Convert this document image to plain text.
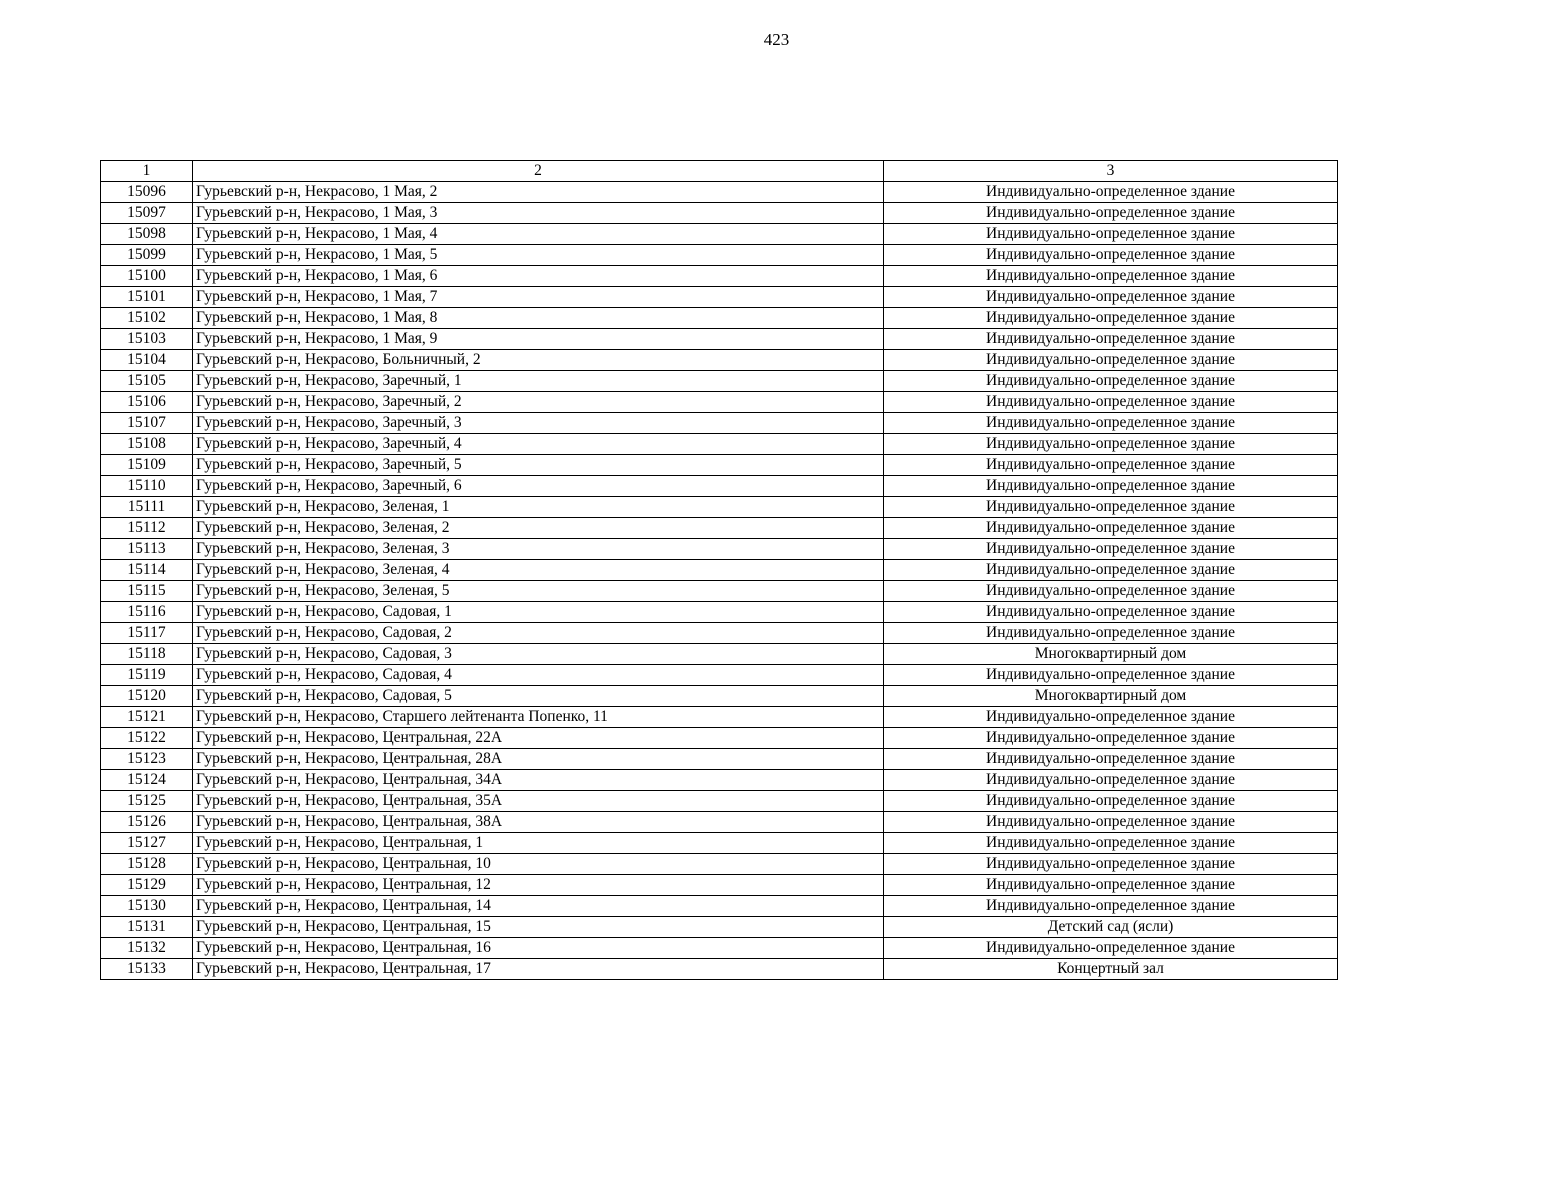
423
1	2	3
15096	Гурьевский р-н, Некрасово, 1 Мая, 2	Индивидуально-определенное здание
15097	Гурьевский р-н, Некрасово, 1 Мая, 3	Индивидуально-определенное здание
15098	Гурьевский р-н, Некрасово, 1 Мая, 4	Индивидуально-определенное здание
15099	Гурьевский р-н, Некрасово, 1 Мая, 5	Индивидуально-определенное здание
15100	Гурьевский р-н, Некрасово, 1 Мая, 6	Индивидуально-определенное здание
15101	Гурьевский р-н, Некрасово, 1 Мая, 7	Индивидуально-определенное здание
15102	Гурьевский р-н, Некрасово, 1 Мая, 8	Индивидуально-определенное здание
15103	Гурьевский р-н, Некрасово, 1 Мая, 9	Индивидуально-определенное здание
15104	Гурьевский р-н, Некрасово, Больничный, 2	Индивидуально-определенное здание
15105	Гурьевский р-н, Некрасово, Заречный, 1	Индивидуально-определенное здание
15106	Гурьевский р-н, Некрасово, Заречный, 2	Индивидуально-определенное здание
15107	Гурьевский р-н, Некрасово, Заречный, 3	Индивидуально-определенное здание
15108	Гурьевский р-н, Некрасово, Заречный, 4	Индивидуально-определенное здание
15109	Гурьевский р-н, Некрасово, Заречный, 5	Индивидуально-определенное здание
15110	Гурьевский р-н, Некрасово, Заречный, 6	Индивидуально-определенное здание
15111	Гурьевский р-н, Некрасово, Зеленая, 1	Индивидуально-определенное здание
15112	Гурьевский р-н, Некрасово, Зеленая, 2	Индивидуально-определенное здание
15113	Гурьевский р-н, Некрасово, Зеленая, 3	Индивидуально-определенное здание
15114	Гурьевский р-н, Некрасово, Зеленая, 4	Индивидуально-определенное здание
15115	Гурьевский р-н, Некрасово, Зеленая, 5	Индивидуально-определенное здание
15116	Гурьевский р-н, Некрасово, Садовая, 1	Индивидуально-определенное здание
15117	Гурьевский р-н, Некрасово, Садовая, 2	Индивидуально-определенное здание
15118	Гурьевский р-н, Некрасово, Садовая, 3	Многоквартирный дом
15119	Гурьевский р-н, Некрасово, Садовая, 4	Индивидуально-определенное здание
15120	Гурьевский р-н, Некрасово, Садовая, 5	Многоквартирный дом
15121	Гурьевский р-н, Некрасово, Старшего лейтенанта Попенко, 11	Индивидуально-определенное здание
15122	Гурьевский р-н, Некрасово, Центральная, 22А	Индивидуально-определенное здание
15123	Гурьевский р-н, Некрасово, Центральная, 28А	Индивидуально-определенное здание
15124	Гурьевский р-н, Некрасово, Центральная, 34А	Индивидуально-определенное здание
15125	Гурьевский р-н, Некрасово, Центральная, 35А	Индивидуально-определенное здание
15126	Гурьевский р-н, Некрасово, Центральная, 38А	Индивидуально-определенное здание
15127	Гурьевский р-н, Некрасово, Центральная, 1	Индивидуально-определенное здание
15128	Гурьевский р-н, Некрасово, Центральная, 10	Индивидуально-определенное здание
15129	Гурьевский р-н, Некрасово, Центральная, 12	Индивидуально-определенное здание
15130	Гурьевский р-н, Некрасово, Центральная, 14	Индивидуально-определенное здание
15131	Гурьевский р-н, Некрасово, Центральная, 15	Детский сад (ясли)
15132	Гурьевский р-н, Некрасово, Центральная, 16	Индивидуально-определенное здание
15133	Гурьевский р-н, Некрасово, Центральная, 17	Концертный зал
